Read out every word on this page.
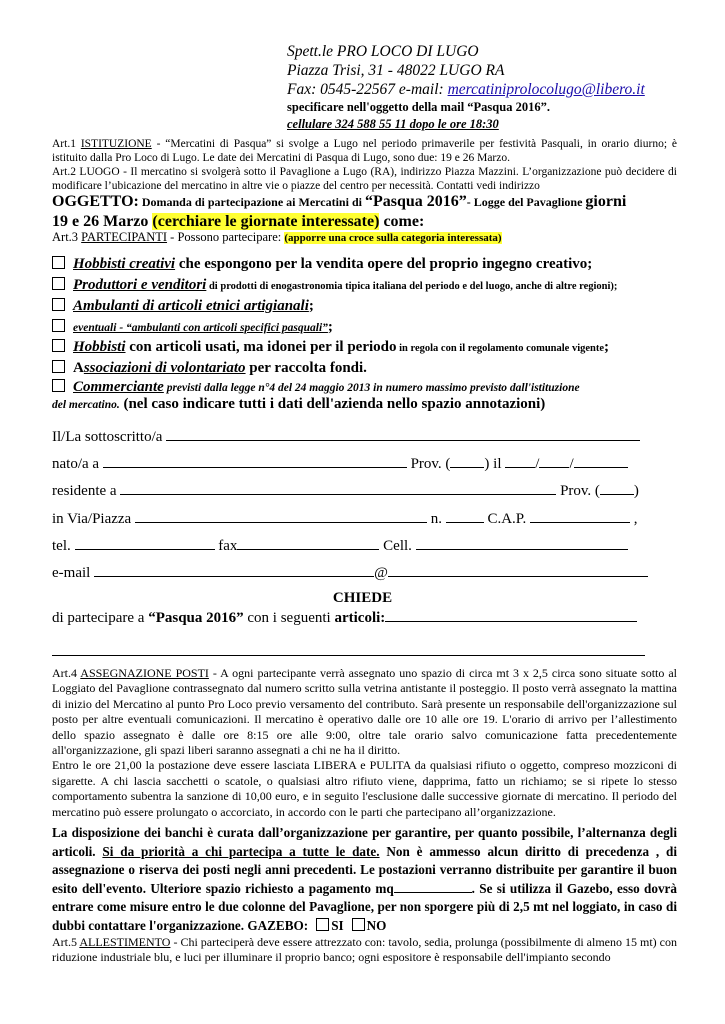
Spett.le PRO LOCO DI LUGO
Piazza Trisi, 31 - 48022 LUGO RA
Fax: 0545-22567 e-mail: mercatiniprolocolugo@libero.it
specificare nell'oggetto della mail “Pasqua 2016”.
cellulare 324 588 55 11 dopo le ore 18:30
Art.1 ISTITUZIONE - “Mercatini di Pasqua” si svolge a Lugo nel periodo primaverile per festività Pasquali, in orario diurno; è istituito dalla Pro Loco di Lugo. Le date dei Mercatini di Pasqua di Lugo, sono due: 19 e 26 Marzo.
Art.2 LUOGO - Il mercatino si svolgerà sotto il Pavaglione a Lugo (RA), indirizzo Piazza Mazzini. L’organizzazione può decidere di modificare l’ubicazione del mercatino in altre vie o piazze del centro per necessità. Contatti vedi indirizzo
OGGETTO: Domanda di partecipazione ai Mercatini di “Pasqua 2016”- Logge del Pavaglione giorni
19 e 26 Marzo (cerchiare le giornate interessate) come:
Art.3 PARTECIPANTI - Possono partecipare: (apporre una croce sulla categoria interessata)
Hobbisti creativi che espongono per la vendita opere del proprio ingegno creativo;
Produttori e venditori di prodotti di enogastronomia tipica italiana del periodo e del luogo, anche di altre regioni);
Ambulanti di articoli etnici artigianali;
eventuali - “ambulanti con articoli specifici pasquali”;
Hobbisti con articoli usati, ma idonei per il periodo in regola con il regolamento comunale vigente;
Associazioni di volontariato per raccolta fondi.
Commerciante previsti dalla legge n°4 del 24 maggio 2013 in numero massimo previsto dall'istituzione
del mercatino. (nel caso indicare tutti i dati dell'azienda nello spazio annotazioni)
Il/La sottoscritto/a
nato/a a	Prov. ( ) il / /
residente a	Prov. ( )
in Via/Piazza	n.	C.A.P.	,
tel.	fax	Cell.
e-mail	@
CHIEDE
di partecipare a “Pasqua 2016” con i seguenti articoli:
Art.4 ASSEGNAZIONE POSTI - A ogni partecipante verrà assegnato uno spazio di circa mt 3 x 2,5 circa sono situate sotto al Loggiato del Pavaglione contrassegnato dal numero scritto sulla vetrina antistante il posteggio. Il posto verrà assegnato la mattina di inizio del Mercatino al punto Pro Loco previo versamento del contributo. Sarà presente un responsabile dell'organizzazione sul posto per altre eventuali comunicazioni. Il mercatino è operativo dalle ore 10 alle ore 19. L'orario di arrivo per l’allestimento dello spazio assegnato è dalle ore 8:15 ore alle 9:00, oltre tale orario salvo comunicazione fatta precedentemente all'organizzazione, gli spazi liberi saranno assegnati a chi ne ha il diritto.
Entro le ore 21,00 la postazione deve essere lasciata LIBERA e PULITA da qualsiasi rifiuto o oggetto, compreso mozziconi di sigarette. A chi lascia sacchetti o scatole, o qualsiasi altro rifiuto viene, dapprima, fatto un richiamo; se si ripete lo stesso comportamento subentra la sanzione di 10,00 euro, e in seguito l'esclusione dalle successive giornate di mercatino. Il periodo del mercatino può essere prolungato o accorciato, in accordo con le parti che partecipano all’organizzazione.
La disposizione dei banchi è curata dall’organizzazione per garantire, per quanto possibile, l’alternanza degli articoli. Si da priorità a chi partecipa a tutte le date. Non è ammesso alcun diritto di precedenza , di assegnazione o riserva dei posti negli anni precedenti. Le postazioni verranno distribuite per garantire il buon esito dell'evento. Ulteriore spazio richiesto a pagamento mq	. Se si utilizza il Gazebo, esso dovrà entrare come misure entro le due colonne del Pavaglione, per non sporgere più di 2,5 mt nel loggiato, in caso di dubbi contattare l'organizzazione. GAZEBO: SI NO
Art.5 ALLESTIMENTO - Chi parteciperà deve essere attrezzato con: tavolo, sedia, prolunga (possibilmente di almeno 15 mt) con riduzione industriale blu, e luci per illuminare il proprio banco; ogni espositore è responsabile dell'impianto secondo
